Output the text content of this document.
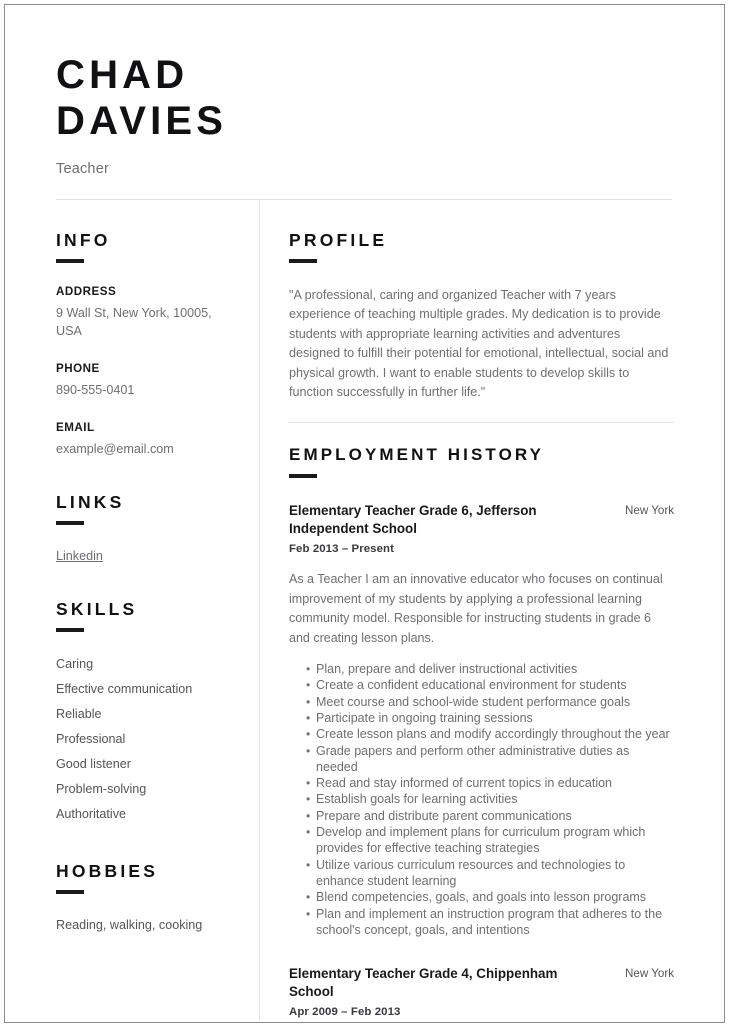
CHAD
DAVIES
Teacher
INFO
ADDRESS
9 Wall St, New York, 10005, USA
PHONE
890-555-0401
EMAIL
example@email.com
LINKS
Linkedin
SKILLS
Caring
Effective communication
Reliable
Professional
Good listener
Problem-solving
Authoritative
HOBBIES
Reading, walking, cooking
PROFILE
"A professional, caring and organized Teacher with 7 years experience of teaching multiple grades. My dedication is to provide students with appropriate learning activities and adventures designed to fulfill their potential for emotional, intellectual, social and physical growth. I want to enable students to develop skills to function successfully in further life."
EMPLOYMENT HISTORY
Elementary Teacher Grade 6, Jefferson Independent School
New York
Feb 2013 – Present
As a Teacher I am an innovative educator who focuses on continual improvement of my students by applying a professional learning community model. Responsible for instructing students in grade 6 and creating lesson plans.
• Plan, prepare and deliver instructional activities
• Create a confident educational environment for students
• Meet course and school-wide student performance goals
• Participate in ongoing training sessions
• Create lesson plans and modify accordingly throughout the year
• Grade papers and perform other administrative duties as needed
• Read and stay informed of current topics in education
• Establish goals for learning activities
• Prepare and distribute parent communications
• Develop and implement plans for curriculum program which provides for effective teaching strategies
• Utilize various curriculum resources and technologies to enhance student learning
• Blend competencies, goals, and goals into lesson programs
• Plan and implement an instruction program that adheres to the school's concept, goals, and intentions
Elementary Teacher Grade 4, Chippenham School
New York
Apr 2009 – Feb 2013
